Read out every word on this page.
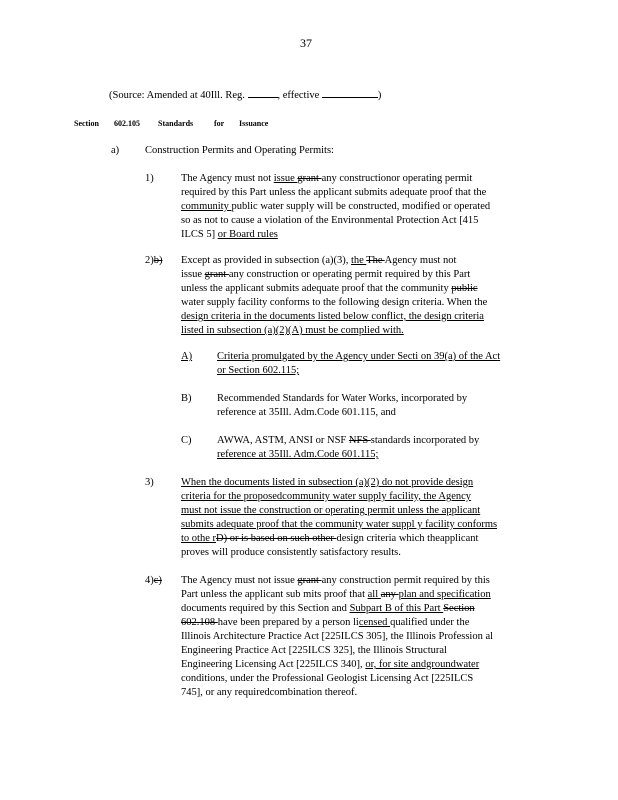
37
(Source: Amended at 40Ill. Reg.	, effective	)
Section 602.105 Standards	for Issuance
a) Construction Permits and Operating Permits:
1)	The Agency must not issue grant any constructionor operating permit
required by this Part unless the applicant submits adequate proof that the
community public water supply will be constructed, modified or operated
so as not to cause a violation of the Environmental Protection Act [415
ILCS 5] or Board rules
2)b) Except as provided in subsection (a)(3), the The Agency must not
issue grant any construction or operating permit required by this Part
unless the applicant submits adequate proof that the community public
water supply facility conforms to the following design criteria. When the
design criteria in the documents listed below conflict, the design criteria
listed in subsection (a)(2)(A) must be complied with.
A) Criteria promulgated by the Agency under Secti on 39(a) of the Act
or Section 602.115;
B) Recommended Standards for Water Works, incorporated by
reference at 35Ill. Adm.Code 601.115, and
C) AWWA, ASTM, ANSI or NSF NFS standards incorporated by
reference at 35Ill. Adm.Code 601.115;
3)	When the documents listed in subsection (a)(2) do not provide design
criteria for the proposedcommunity water supply facility, the Agency
must not issue the construction or operating permit unless the applicant
submits adequate proof that the community water suppl y facility conforms
to othe rD) or is based on such other design criteria which theapplicant
proves will produce consistently satisfactory results.
4)c) The Agency must not issue grant any construction permit required by this
Part unless the applicant sub mits proof that all any plan and specification
documents required by this Section and Subpart B of this Part Section
602.108 have been prepared by a person licensed qualified under the
Illinois Architecture Practice Act [225ILCS 305], the Illinois Profession al
Engineering Practice Act [225ILCS 325], the Illinois Structural
Engineering Licensing Act [225ILCS 340], or, for site andgroundwater
conditions, under the Professional Geologist Licensing Act [225ILCS
745], or any requiredcombination thereof.
